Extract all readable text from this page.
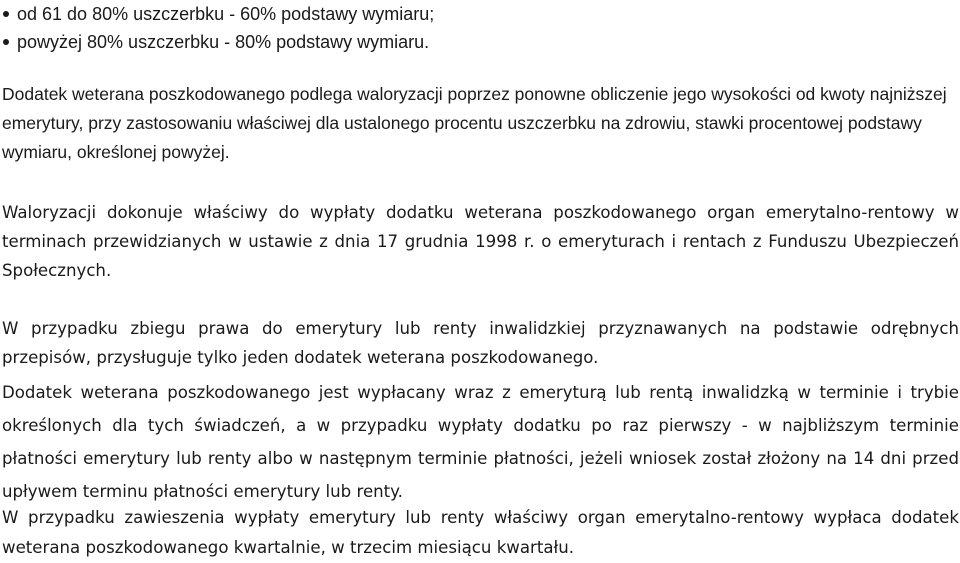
od 61 do 80% uszczerbku - 60% podstawy wymiaru;
powyżej 80% uszczerbku - 80% podstawy wymiaru.

Dodatek weterana poszkodowanego podlega waloryzacji poprzez ponowne obliczenie jego wysokości od kwoty najniższej emerytury, przy zastosowaniu właściwej dla ustalonego procentu uszczerbku na zdrowiu, stawki procentowej podstawy wymiaru, określonej powyżej.

Waloryzacji dokonuje właściwy do wypłaty dodatku weterana poszkodowanego organ emerytalno-rentowy w terminach przewidzianych w ustawie z dnia 17 grudnia 1998 r. o emeryturach i rentach z Funduszu Ubezpieczeń Społecznych.

W przypadku zbiegu prawa do emerytury lub renty inwalidzkiej przyznawanych na podstawie odrębnych przepisów, przysługuje tylko jeden dodatek weterana poszkodowanego.

Dodatek weterana poszkodowanego jest wypłacany wraz z emeryturą lub rentą inwalidzką w terminie i trybie określonych dla tych świadczeń, a w przypadku wypłaty dodatku po raz pierwszy - w najbliższym terminie płatności emerytury lub renty albo w następnym terminie płatności, jeżeli wniosek został złożony na 14 dni przed upływem terminu płatności emerytury lub renty.

W przypadku zawieszenia wypłaty emerytury lub renty właściwy organ emerytalno-rentowy wypłaca dodatek weterana poszkodowanego kwartalnie, w trzecim miesiącu kwartału.
